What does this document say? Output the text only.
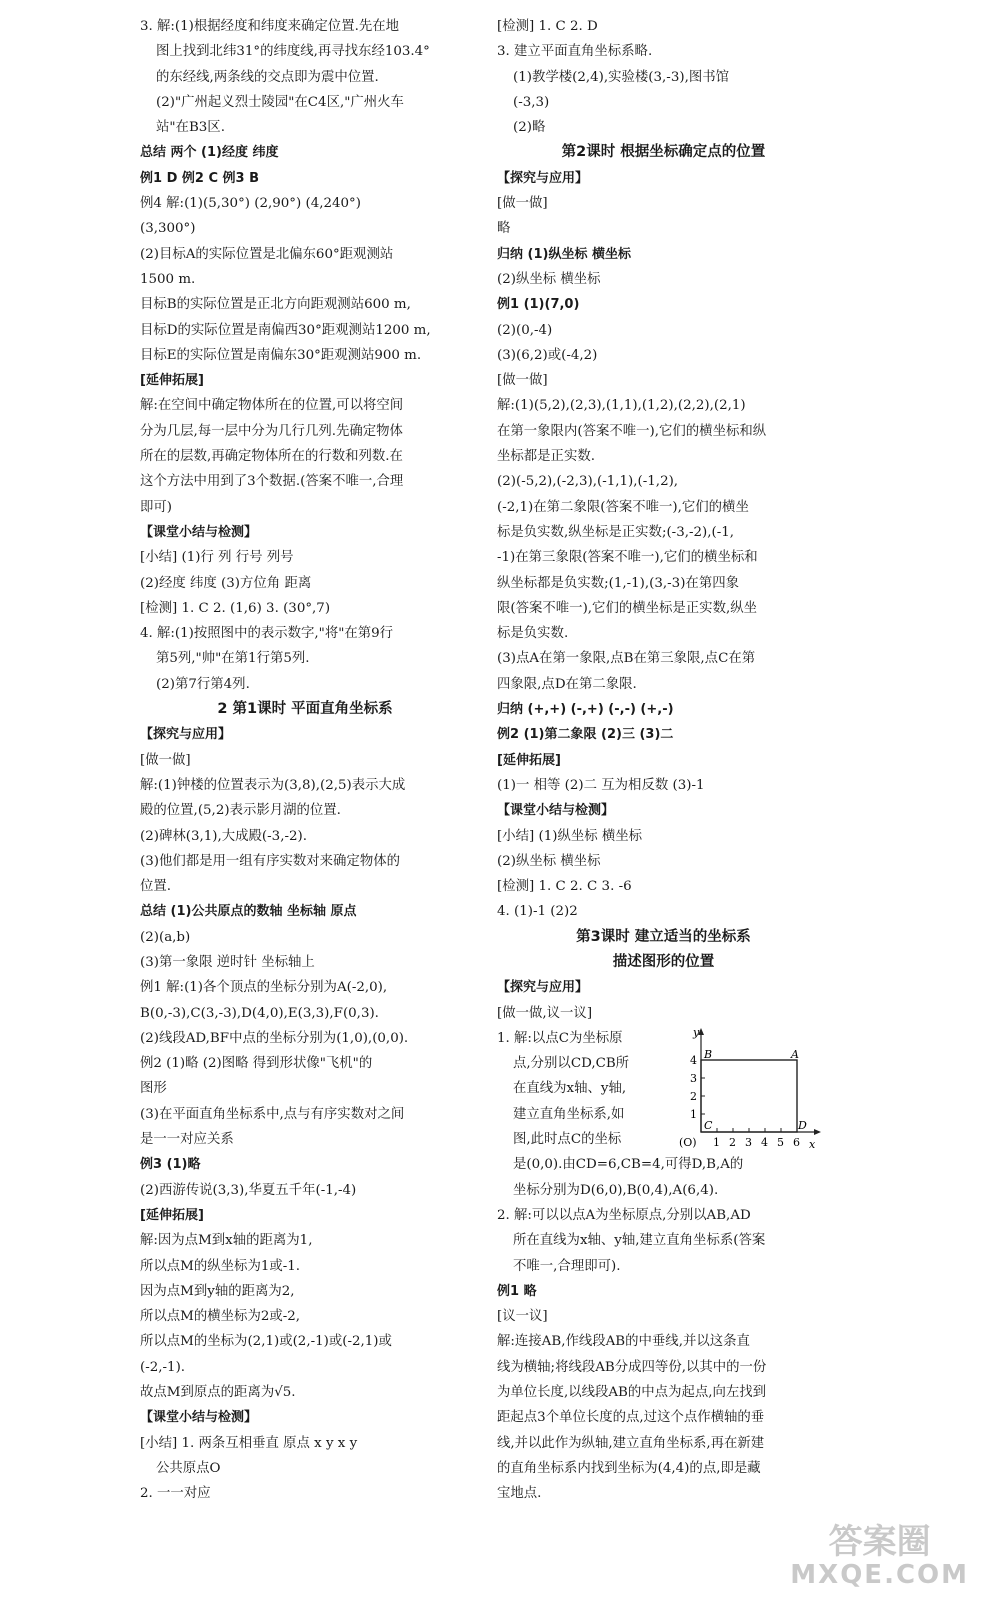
3. 解:(1)根据经度和纬度来确定位置.先在地
图上找到北纬31°的纬度线,再寻找东经103.4°
的东经线,两条线的交点即为震中位置.
(2)"广州起义烈士陵园"在C4区,"广州火车
站"在B3区.
总结 两个 (1)经度 纬度
例1 D 例2 C 例3 B
例4 解:(1)(5,30°) (2,90°) (4,240°)
(3,300°)
(2)目标A的实际位置是北偏东60°距观测站
1500 m.
目标B的实际位置是正北方向距观测站600 m,
目标D的实际位置是南偏西30°距观测站1200 m,
目标E的实际位置是南偏东30°距观测站900 m.
[延伸拓展]
解:在空间中确定物体所在的位置,可以将空间
分为几层,每一层中分为几行几列.先确定物体
所在的层数,再确定物体所在的行数和列数.在
这个方法中用到了3个数据.(答案不唯一,合理
即可)
【课堂小结与检测】
[小结] (1)行 列 行号 列号
(2)经度 纬度 (3)方位角 距离
[检测] 1. C 2. (1,6) 3. (30°,7)
4. 解:(1)按照图中的表示数字,"将"在第9行
第5列,"帅"在第1行第5列.
(2)第7行第4列.
2 第1课时 平面直角坐标系
【探究与应用】
[做一做]
解:(1)钟楼的位置表示为(3,8),(2,5)表示大成
殿的位置,(5,2)表示影月湖的位置.
(2)碑林(3,1),大成殿(-3,-2).
(3)他们都是用一组有序实数对来确定物体的
位置.
总结 (1)公共原点的数轴 坐标轴 原点
(2)(a,b)
(3)第一象限 逆时针 坐标轴上
例1 解:(1)各个顶点的坐标分别为A(-2,0),
B(0,-3),C(3,-3),D(4,0),E(3,3),F(0,3).
(2)线段AD,BF中点的坐标分别为(1,0),(0,0).
例2 (1)略 (2)图略 得到形状像"飞机"的
图形
(3)在平面直角坐标系中,点与有序实数对之间
是一一对应关系
例3 (1)略
(2)西游传说(3,3),华夏五千年(-1,-4)
[延伸拓展]
解:因为点M到x轴的距离为1,
所以点M的纵坐标为1或-1.
因为点M到y轴的距离为2,
所以点M的横坐标为2或-2,
所以点M的坐标为(2,1)或(2,-1)或(-2,1)或
(-2,-1).
故点M到原点的距离为√5.
【课堂小结与检测】
[小结] 1. 两条互相垂直 原点 x y x y
公共原点O
2. 一一对应
[检测] 1. C 2. D
3. 建立平面直角坐标系略.
(1)教学楼(2,4),实验楼(3,-3),图书馆
(-3,3)
(2)略
第2课时 根据坐标确定点的位置
【探究与应用】
[做一做]
略
归纳 (1)纵坐标 横坐标
(2)纵坐标 横坐标
例1 (1)(7,0)
(2)(0,-4)
(3)(6,2)或(-4,2)
[做一做]
解:(1)(5,2),(2,3),(1,1),(1,2),(2,2),(2,1)
在第一象限内(答案不唯一),它们的横坐标和纵
坐标都是正实数.
(2)(-5,2),(-2,3),(-1,1),(-1,2),
(-2,1)在第二象限(答案不唯一),它们的横坐
标是负实数,纵坐标是正实数;(-3,-2),(-1,
-1)在第三象限(答案不唯一),它们的横坐标和
纵坐标都是负实数;(1,-1),(3,-3)在第四象
限(答案不唯一),它们的横坐标是正实数,纵坐
标是负实数.
(3)点A在第一象限,点B在第三象限,点C在第
四象限,点D在第二象限.
归纳 (+,+) (-,+) (-,-) (+,-)
例2 (1)第二象限 (2)三 (3)二
[延伸拓展]
(1)一 相等 (2)二 互为相反数 (3)-1
【课堂小结与检测】
[小结] (1)纵坐标 横坐标
(2)纵坐标 横坐标
[检测] 1. C 2. C 3. -6
4. (1)-1 (2)2
第3课时 建立适当的坐标系
描述图形的位置
【探究与应用】
[做一做,议一议]
1. 解:以点C为坐标原
点,分别以CD,CB所
在直线为x轴、y轴,
建立直角坐标系,如
图,此时点C的坐标
y
x
(O)
B	A
C	D
1 2 3 4 5 6
1
2
3
4
是(0,0).由CD=6,CB=4,可得D,B,A的
坐标分别为D(6,0),B(0,4),A(6,4).
2. 解:可以以点A为坐标原点,分别以AB,AD
所在直线为x轴、y轴,建立直角坐标系(答案
不唯一,合理即可).
例1 略
[议一议]
解:连接AB,作线段AB的中垂线,并以这条直
线为横轴;将线段AB分成四等份,以其中的一份
为单位长度,以线段AB的中点为起点,向左找到
距起点3个单位长度的点,过这个点作横轴的垂
线,并以此作为纵轴,建立直角坐标系,再在新建
的直角坐标系内找到坐标为(4,4)的点,即是藏
宝地点.
答案圈
MXQE.COM
